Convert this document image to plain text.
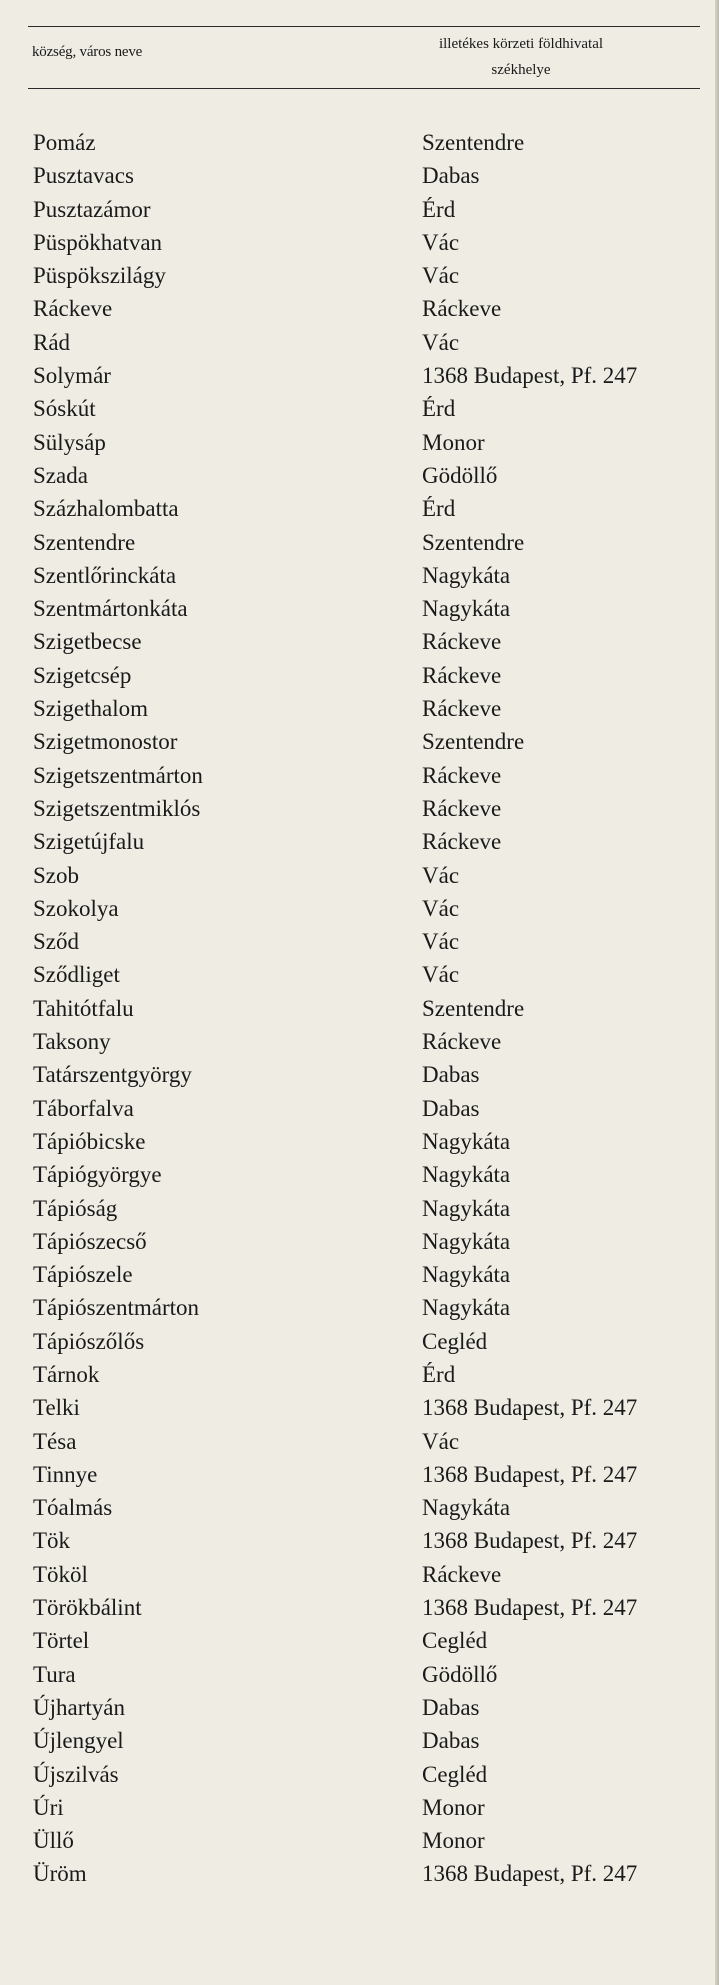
község, város neve	illetékes körzeti földhivatal
székhelye
Pomáz	Szentendre
Pusztavacs	Dabas
Pusztazámor	Érd
Püspökhatvan	Vác
Püspökszilágy	Vác
Ráckeve	Ráckeve
Rád	Vác
Solymár	1368 Budapest, Pf. 247
Sóskút	Érd
Sülysáp	Monor
Szada	Gödöllő
Százhalombatta	Érd
Szentendre	Szentendre
Szentlőrinckáta	Nagykáta
Szentmártonkáta	Nagykáta
Szigetbecse	Ráckeve
Szigetcsép	Ráckeve
Szigethalom	Ráckeve
Szigetmonostor	Szentendre
Szigetszentmárton	Ráckeve
Szigetszentmiklós	Ráckeve
Szigetújfalu	Ráckeve
Szob	Vác
Szokolya	Vác
Sződ	Vác
Sződliget	Vác
Tahitótfalu	Szentendre
Taksony	Ráckeve
Tatárszentgyörgy	Dabas
Táborfalva	Dabas
Tápióbicske	Nagykáta
Tápiógyörgye	Nagykáta
Tápióság	Nagykáta
Tápiószecső	Nagykáta
Tápiószele	Nagykáta
Tápiószentmárton	Nagykáta
Tápiószőlős	Cegléd
Tárnok	Érd
Telki	1368 Budapest, Pf. 247
Tésa	Vác
Tinnye	1368 Budapest, Pf. 247
Tóalmás	Nagykáta
Tök	1368 Budapest, Pf. 247
Tököl	Ráckeve
Törökbálint	1368 Budapest, Pf. 247
Törtel	Cegléd
Tura	Gödöllő
Újhartyán	Dabas
Újlengyel	Dabas
Újszilvás	Cegléd
Úri	Monor
Üllő	Monor
Üröm	1368 Budapest, Pf. 247
